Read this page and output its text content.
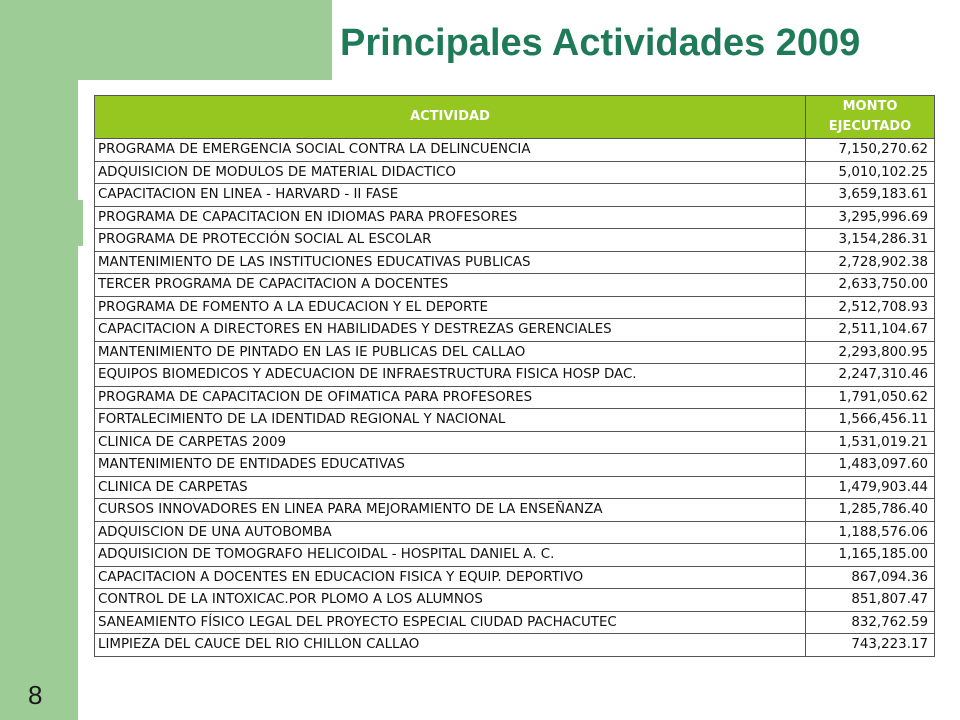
Principales Actividades 2009
8
ACTIVIDAD	MONTO EJECUTADO
PROGRAMA DE EMERGENCIA SOCIAL CONTRA LA DELINCUENCIA	7,150,270.62
ADQUISICION DE MODULOS DE MATERIAL DIDACTICO	5,010,102.25
CAPACITACION EN LINEA - HARVARD - II FASE	3,659,183.61
PROGRAMA DE CAPACITACION EN IDIOMAS PARA PROFESORES	3,295,996.69
PROGRAMA DE PROTECCIÓN SOCIAL AL ESCOLAR	3,154,286.31
MANTENIMIENTO DE LAS INSTITUCIONES EDUCATIVAS PUBLICAS	2,728,902.38
TERCER PROGRAMA DE CAPACITACION A DOCENTES	2,633,750.00
PROGRAMA DE FOMENTO A LA EDUCACION Y EL DEPORTE	2,512,708.93
CAPACITACION A DIRECTORES EN HABILIDADES Y DESTREZAS GERENCIALES	2,511,104.67
MANTENIMIENTO DE PINTADO EN LAS IE PUBLICAS DEL CALLAO	2,293,800.95
EQUIPOS BIOMEDICOS Y ADECUACION DE INFRAESTRUCTURA FISICA HOSP DAC.	2,247,310.46
PROGRAMA DE CAPACITACION DE OFIMATICA PARA PROFESORES	1,791,050.62
FORTALECIMIENTO DE LA IDENTIDAD REGIONAL Y NACIONAL	1,566,456.11
CLINICA DE CARPETAS 2009	1,531,019.21
MANTENIMIENTO DE ENTIDADES EDUCATIVAS	1,483,097.60
CLINICA DE CARPETAS	1,479,903.44
CURSOS INNOVADORES EN LINEA PARA MEJORAMIENTO DE LA ENSEÑANZA	1,285,786.40
ADQUISCION DE UNA AUTOBOMBA	1,188,576.06
ADQUISICION DE TOMOGRAFO HELICOIDAL - HOSPITAL DANIEL A. C.	1,165,185.00
CAPACITACION A DOCENTES EN EDUCACION FISICA Y EQUIP. DEPORTIVO	867,094.36
CONTROL DE LA INTOXICAC.POR PLOMO A LOS ALUMNOS	851,807.47
SANEAMIENTO FÍSICO LEGAL DEL PROYECTO ESPECIAL CIUDAD PACHACUTEC	832,762.59
LIMPIEZA DEL CAUCE DEL RIO CHILLON CALLAO	743,223.17
